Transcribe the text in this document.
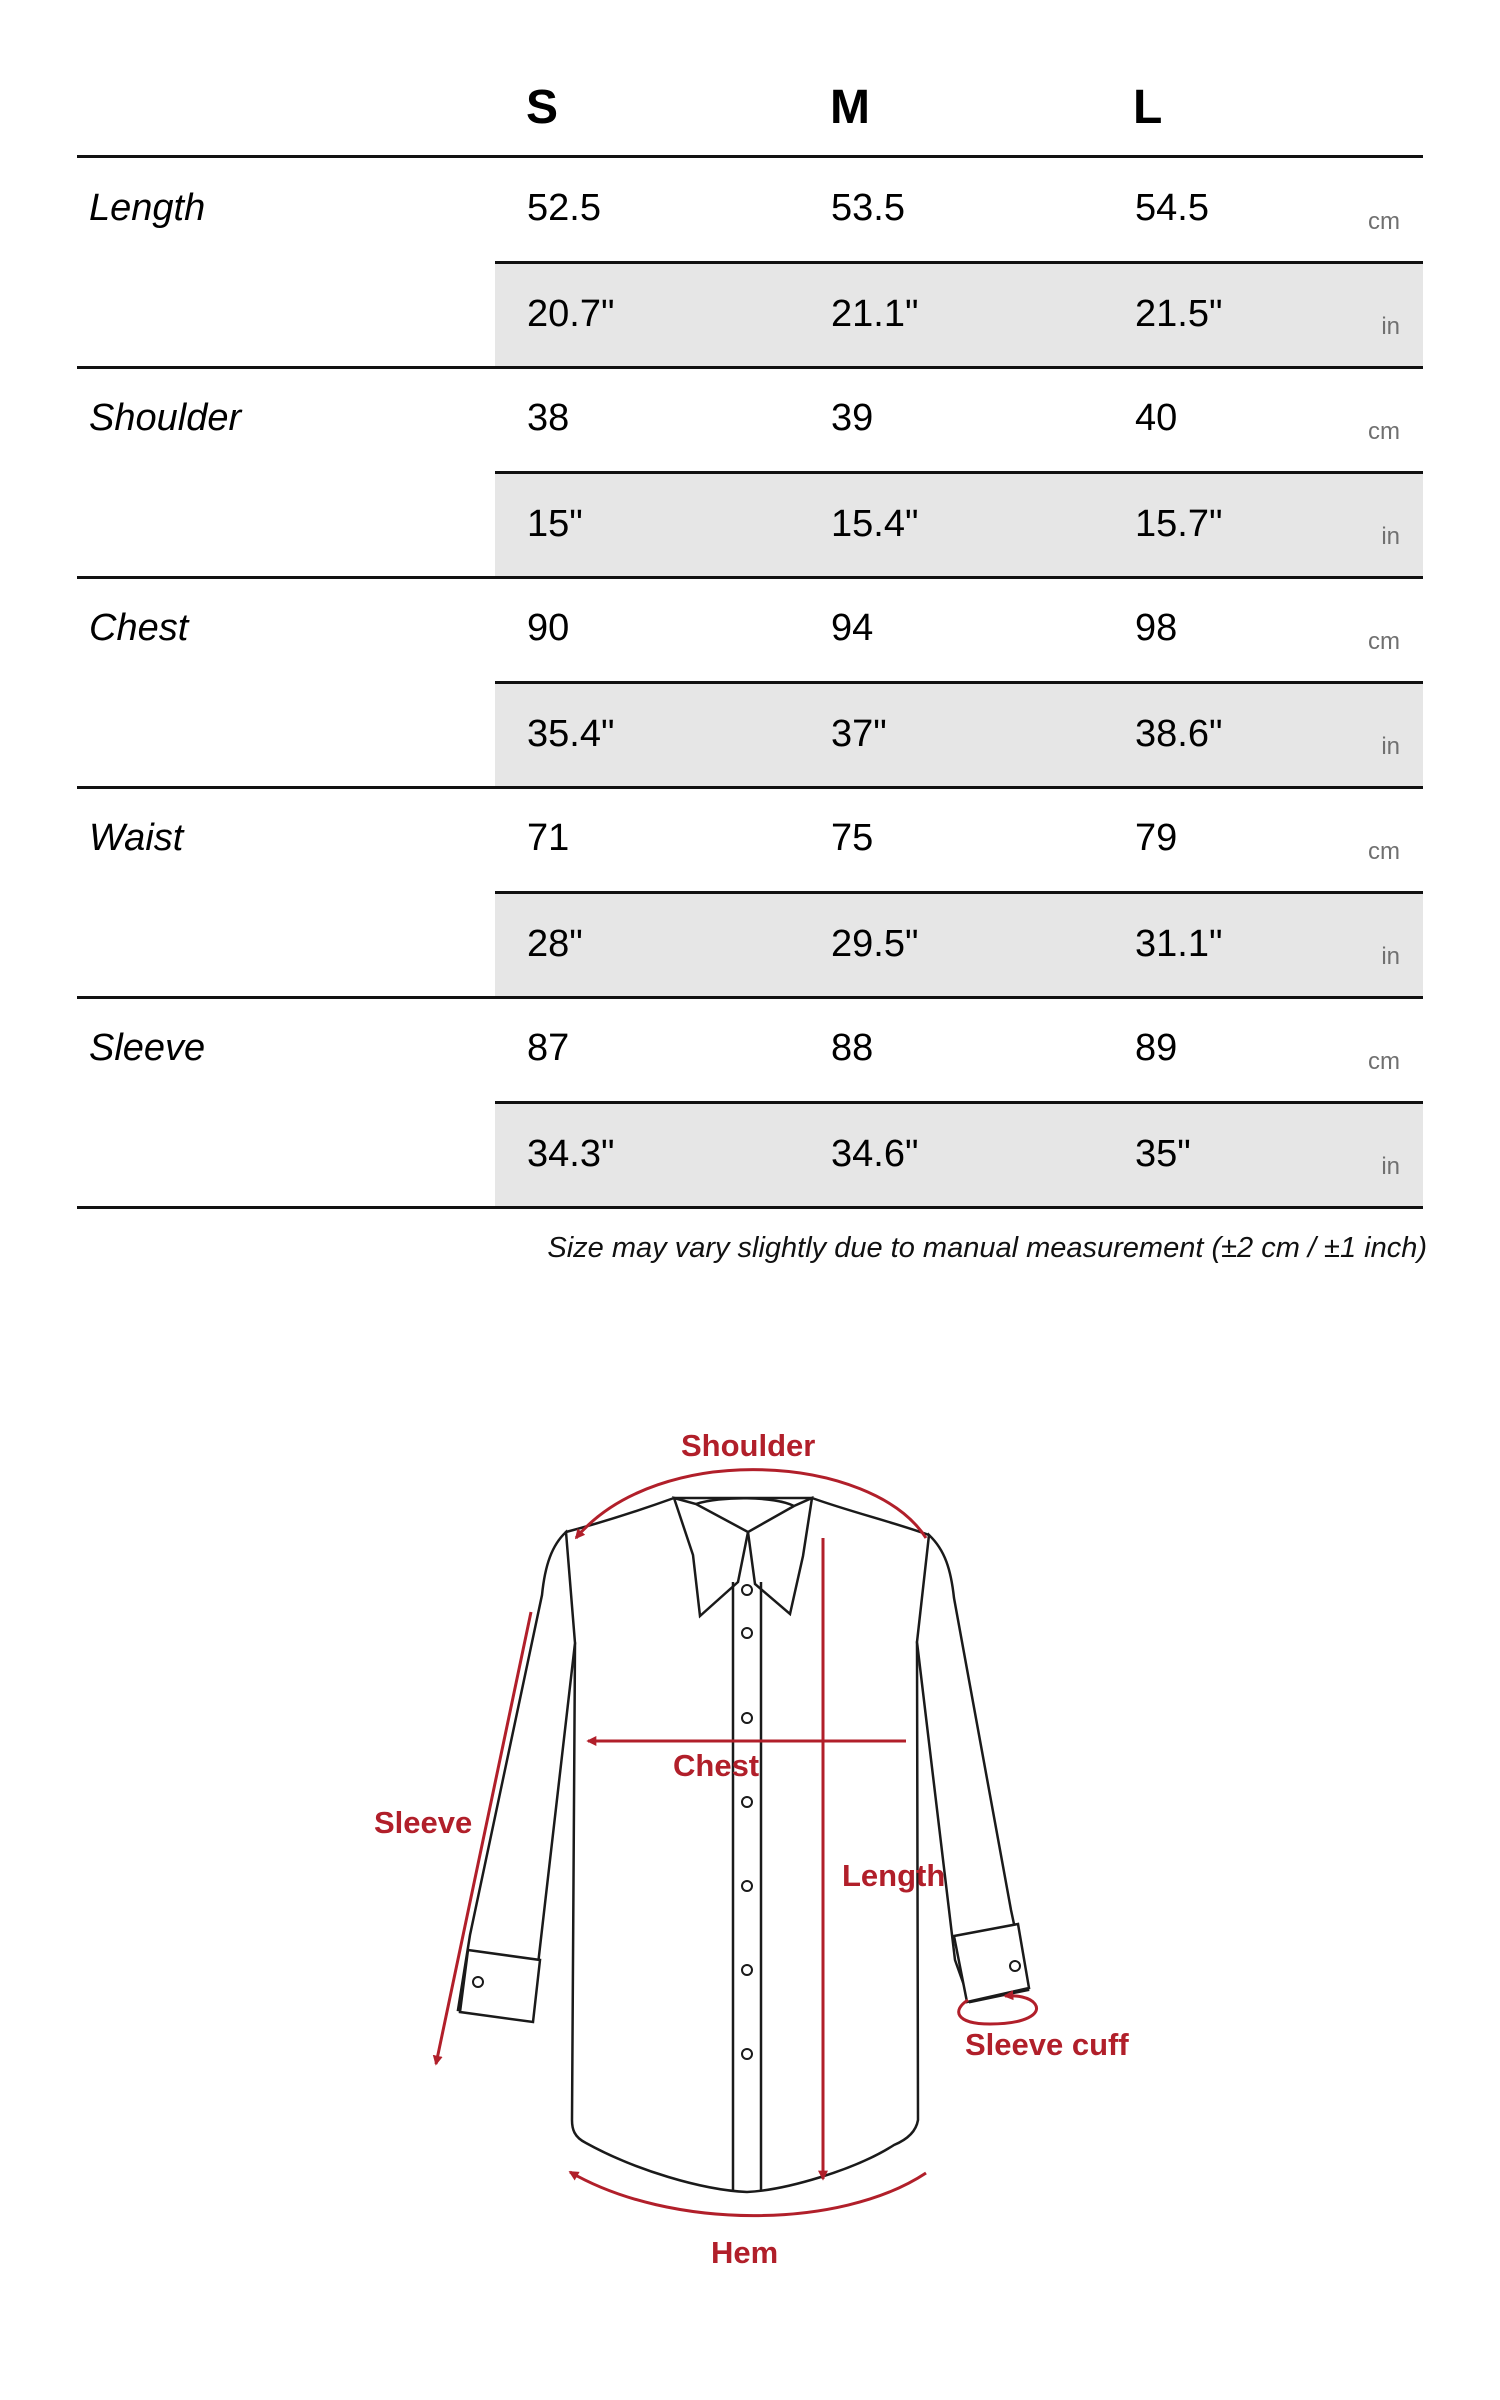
S	M	L
Length	52.5	53.5	54.5	cm
20.7"	21.1"	21.5"	in
Shoulder	38	39	40	cm
15"	15.4"	15.7"	in
Chest	90	94	98	cm
35.4"	37"	38.6"	in
Waist	71	75	79	cm
28"	29.5"	31.1"	in
Sleeve	87	88	89	cm
34.3"	34.6"	35"	in
Size may vary slightly due to manual measurement (±2 cm / ±1 inch)
Shoulder
Chest
Sleeve
Length
Sleeve cuff
Hem
